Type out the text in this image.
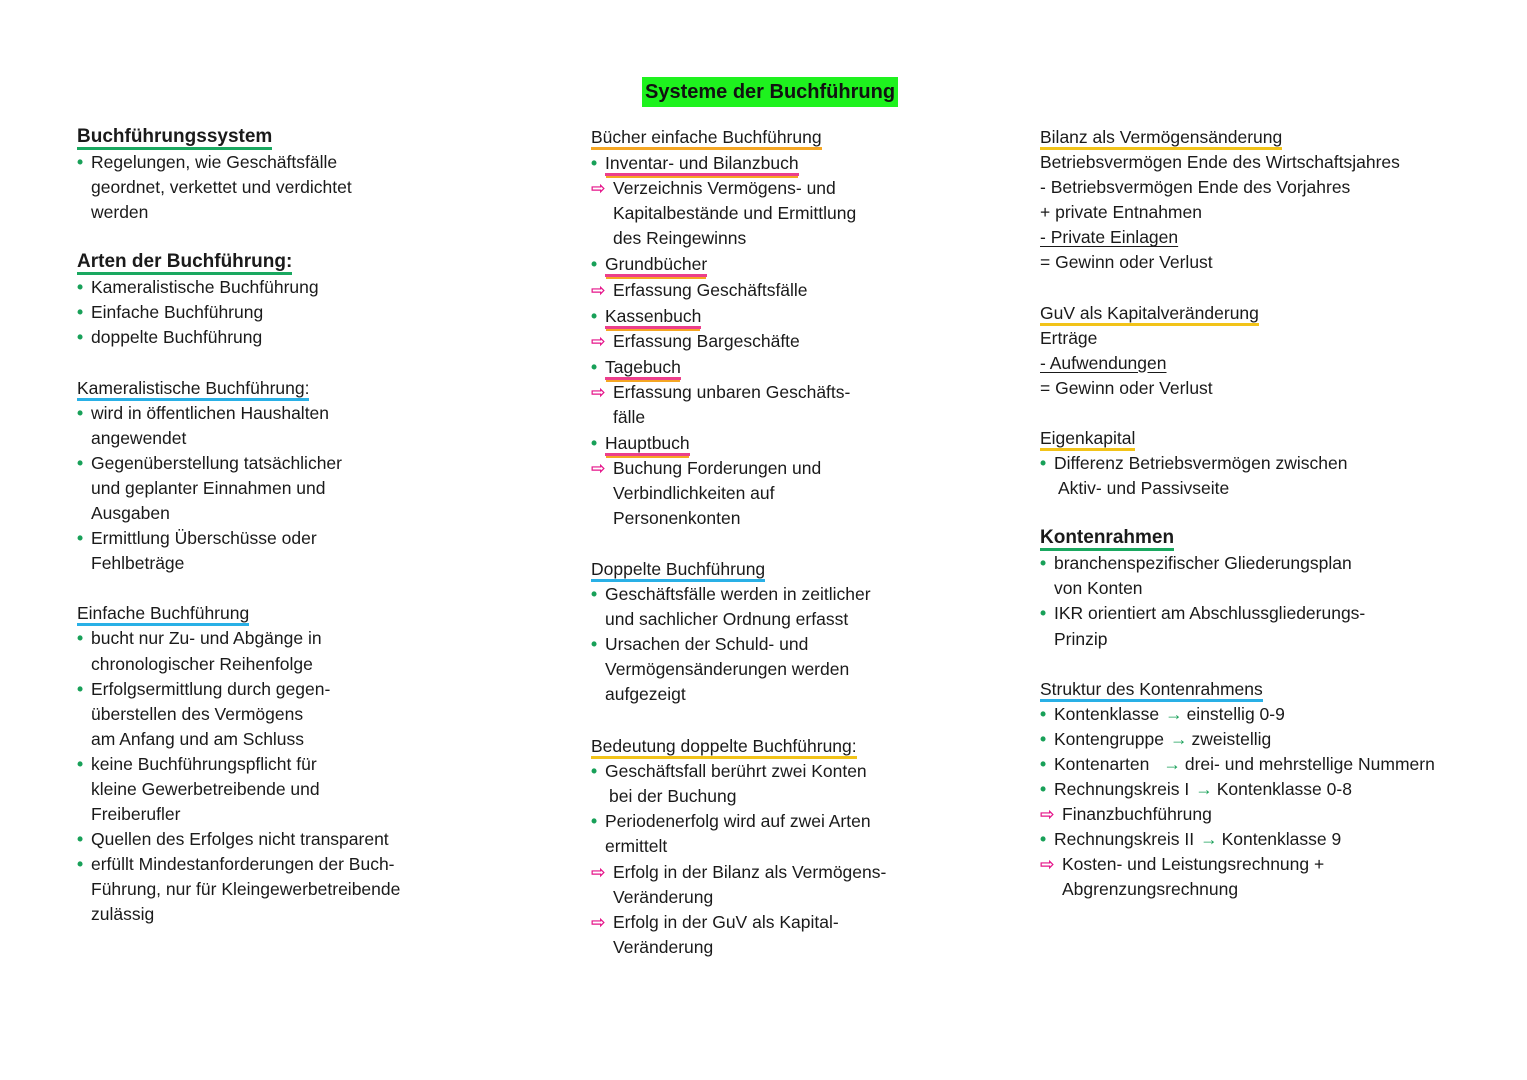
Systeme der Buchführung
Buchführungssystem
• Regelungen, wie Geschäftsfälle
geordnet, verkettet und verdichtet
werden
Arten der Buchführung:
• Kameralistische Buchführung
• Einfache Buchführung
• doppelte Buchführung
Kameralistische Buchführung:
• wird in öffentlichen Haushalten
angewendet
• Gegenüberstellung tatsächlicher
und geplanter Einnahmen und
Ausgaben
• Ermittlung Überschüsse oder
Fehlbeträge
Einfache Buchführung
• bucht nur Zu- und Abgänge in
chronologischer Reihenfolge
• Erfolgsermittlung durch gegen-
überstellen des Vermögens
am Anfang und am Schluss
• keine Buchführungspflicht für
kleine Gewerbetreibende und
Freiberufler
• Quellen des Erfolges nicht transparent
• erfüllt Mindestanforderungen der Buch-
Führung, nur für Kleingewerbetreibende
zulässig
Bücher einfache Buchführung
• Inventar- und Bilanzbuch
⇨ Verzeichnis Vermögens- und
Kapitalbestände und Ermittlung
des Reingewinns
• Grundbücher
⇨ Erfassung Geschäftsfälle
• Kassenbuch
⇨ Erfassung Bargeschäfte
• Tagebuch
⇨ Erfassung unbaren Geschäfts-
fälle
• Hauptbuch
⇨ Buchung Forderungen und
Verbindlichkeiten auf
Personenkonten
Doppelte Buchführung
• Geschäftsfälle werden in zeitlicher
und sachlicher Ordnung erfasst
• Ursachen der Schuld- und
Vermögensänderungen werden
aufgezeigt
Bedeutung doppelte Buchführung:
• Geschäftsfall berührt zwei Konten
bei der Buchung
• Periodenerfolg wird auf zwei Arten
ermittelt
⇨ Erfolg in der Bilanz als Vermögens-
Veränderung
⇨ Erfolg in der GuV als Kapital-
Veränderung
Bilanz als Vermögensänderung
Betriebsvermögen Ende des Wirtschaftsjahres
- Betriebsvermögen Ende des Vorjahres
+ private Entnahmen
- Private Einlagen
= Gewinn oder Verlust
GuV als Kapitalveränderung
Erträge
- Aufwendungen
= Gewinn oder Verlust
Eigenkapital
• Differenz Betriebsvermögen zwischen
Aktiv- und Passivseite
Kontenrahmen
• branchenspezifischer Gliederungsplan
von Konten
• IKR orientiert am Abschlussgliederungs-
Prinzip
Struktur des Kontenrahmens
• Kontenklasse → einstellig 0-9
• Kontengruppe → zweistellig
• Kontenarten → drei- und mehrstellige Nummern
• Rechnungskreis I → Kontenklasse 0-8
⇨ Finanzbuchführung
• Rechnungskreis II → Kontenklasse 9
⇨ Kosten- und Leistungsrechnung +
Abgrenzungsrechnung
